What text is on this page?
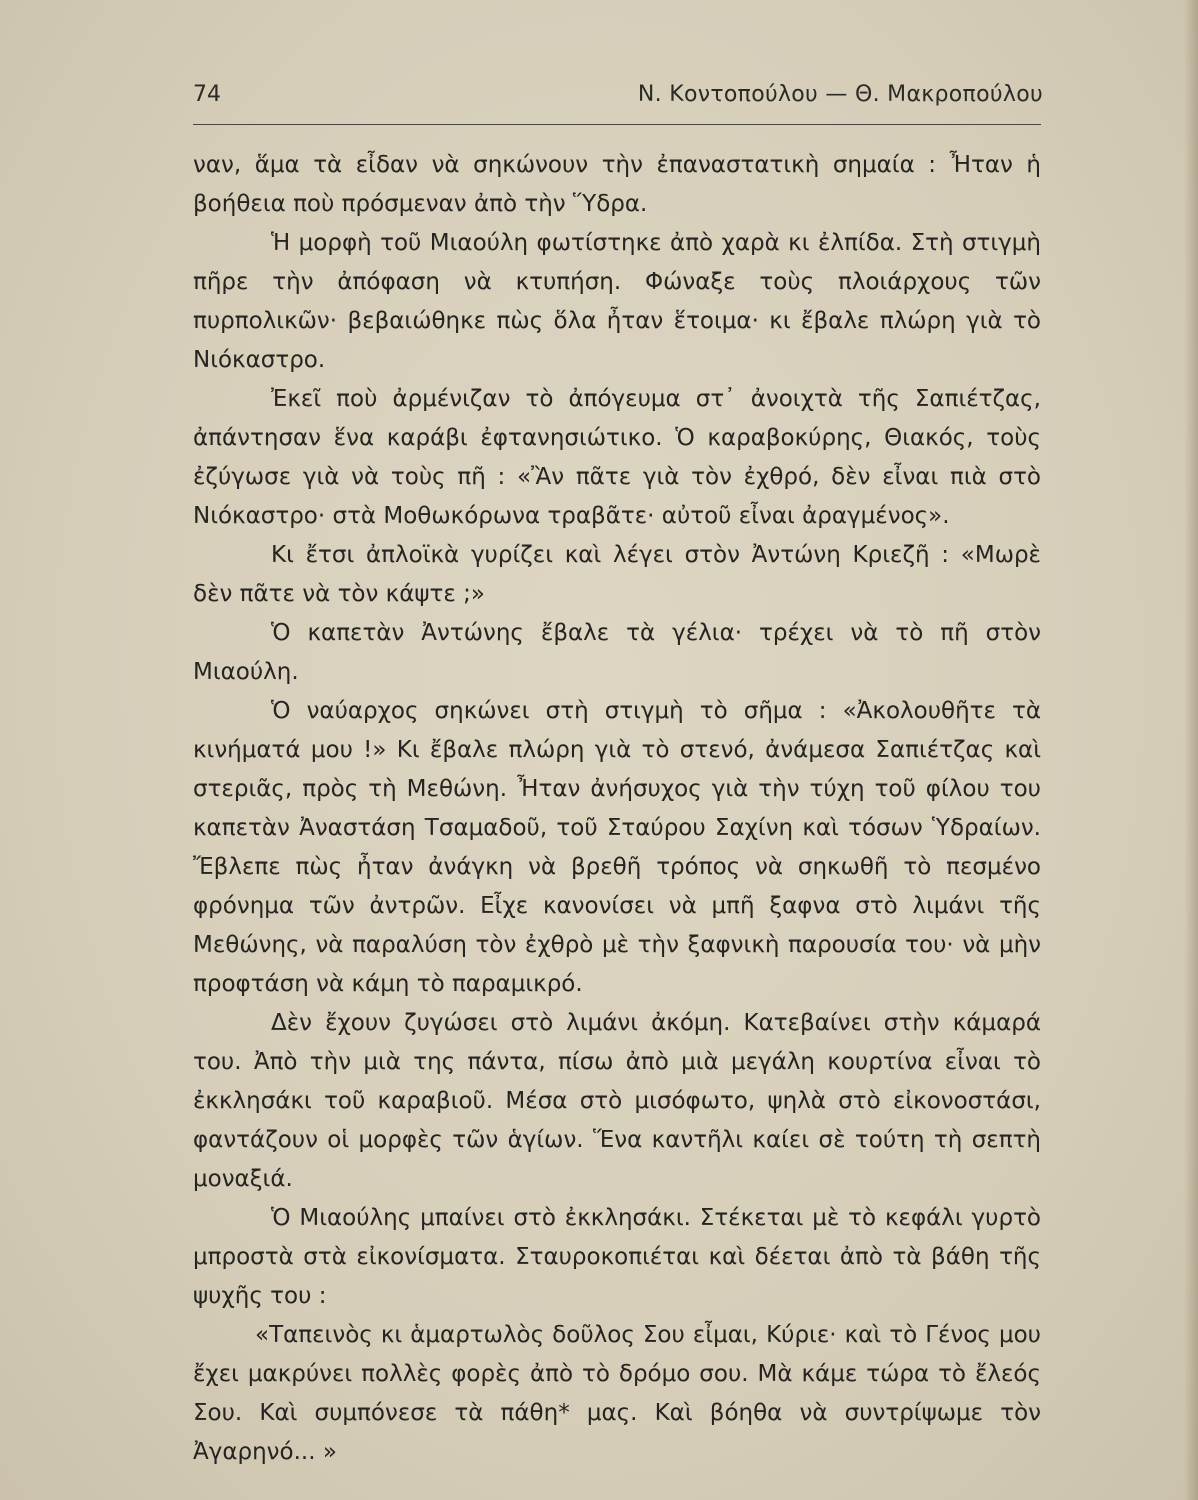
74	Ν. Κοντοπούλου — Θ. Μακροπούλου

ναν, ἅμα τὰ εἶδαν νὰ σηκώνουν τὴν ἐπαναστατικὴ σημαία : Ἦταν ἡ βοήθεια ποὺ πρόσμεναν ἀπὸ τὴν Ὕδρα.

Ἡ μορφὴ τοῦ Μιαούλη φωτίστηκε ἀπὸ χαρὰ κι ἐλπίδα. Στὴ στιγμὴ πῆρε τὴν ἀπόφαση νὰ κτυπήση. Φώναξε τοὺς πλοιάρχους τῶν πυρπολικῶν· βεβαιώθηκε πὼς ὅλα ἦταν ἕτοιμα· κι ἔβαλε πλώρη γιὰ τὸ Νιόκαστρο.

Ἐκεῖ ποὺ ἀρμένιζαν τὸ ἀπόγευμα στ᾽ ἀνοιχτὰ τῆς Σαπιέτζας, ἀπάντησαν ἕνα καράβι ἐφτανησιώτικο. Ὁ καραβοκύρης, Θιακός, τοὺς ἐζύγωσε γιὰ νὰ τοὺς πῆ : «Ἂν πᾶτε γιὰ τὸν ἐχθρό, δὲν εἶναι πιὰ στὸ Νιόκαστρο· στὰ Μοθωκόρωνα τραβᾶτε· αὐτοῦ εἶναι ἀραγμένος».

Κι ἔτσι ἀπλοϊκὰ γυρίζει καὶ λέγει στὸν Ἀντώνη Κριεζῆ : «Μωρὲ δὲν πᾶτε νὰ τὸν κάψτε ;»

Ὁ καπετὰν Ἀντώνης ἔβαλε τὰ γέλια· τρέχει νὰ τὸ πῆ στὸν Μιαούλη.

Ὁ ναύαρχος σηκώνει στὴ στιγμὴ τὸ σῆμα : «Ἀκολουθῆτε τὰ κινήματά μου !» Κι ἔβαλε πλώρη γιὰ τὸ στενό, ἀνάμεσα Σαπιέτζας καὶ στεριᾶς, πρὸς τὴ Μεθώνη. Ἦταν ἀνήσυχος γιὰ τὴν τύχη τοῦ φίλου του καπετὰν Ἀναστάση Τσαμαδοῦ, τοῦ Σταύρου Σαχίνη καὶ τόσων Ὑδραίων. Ἔβλεπε πὼς ἦταν ἀνάγκη νὰ βρεθῆ τρόπος νὰ σηκωθῆ τὸ πεσμένο φρόνημα τῶν ἀντρῶν. Εἶχε κανονίσει νὰ μπῆ ξαφνα στὸ λιμάνι τῆς Μεθώνης, νὰ παραλύση τὸν ἐχθρὸ μὲ τὴν ξαφνικὴ παρουσία του· νὰ μὴν προφτάση νὰ κάμη τὸ παραμικρό.

Δὲν ἔχουν ζυγώσει στὸ λιμάνι ἀκόμη. Κατεβαίνει στὴν κάμαρά του. Ἀπὸ τὴν μιὰ της πάντα, πίσω ἀπὸ μιὰ μεγάλη κουρτίνα εἶναι τὸ ἐκκλησάκι τοῦ καραβιοῦ. Μέσα στὸ μισόφωτο, ψηλὰ στὸ εἰκονοστάσι, φαντάζουν οἱ μορφὲς τῶν ἁγίων. Ἕνα καντῆλι καίει σὲ τούτη τὴ σεπτὴ μοναξιά.

Ὁ Μιαούλης μπαίνει στὸ ἐκκλησάκι. Στέκεται μὲ τὸ κεφάλι γυρτὸ μπροστὰ στὰ εἰκονίσματα. Σταυροκοπιέται καὶ δέεται ἀπὸ τὰ βάθη τῆς ψυχῆς του :

«Ταπεινὸς κι ἁμαρτωλὸς δοῦλος Σου εἶμαι, Κύριε· καὶ τὸ Γένος μου ἔχει μακρύνει πολλὲς φορὲς ἀπὸ τὸ δρόμο σου. Μὰ κάμε τώρα τὸ ἔλεός Σου. Καὶ συμπόνεσε τὰ πάθη* μας. Καὶ βόηθα νὰ συντρίψωμε τὸν Ἀγαρηνό... »
